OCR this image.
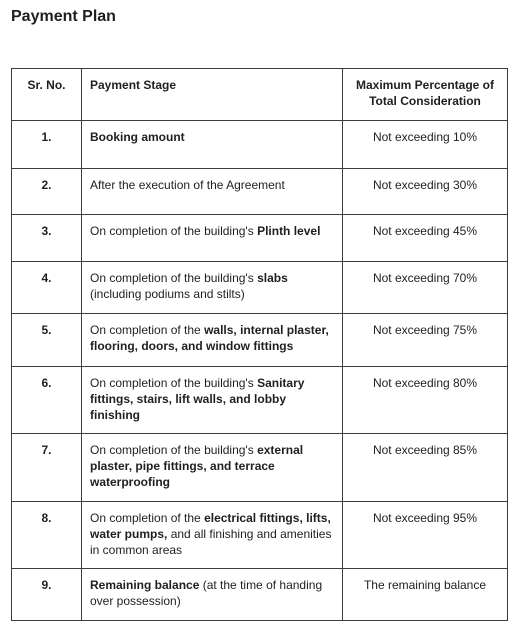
Payment Plan
Sr. No.	Payment Stage	Maximum Percentage of
Total Consideration
1.	Booking amount	Not exceeding 10%
2.	After the execution of the Agreement	Not exceeding 30%
3.	On completion of the building's Plinth level	Not exceeding 45%
4.	On completion of the building's slabs (including podiums and stilts)	Not exceeding 70%
5.	On completion of the walls, internal plaster, flooring, doors, and window fittings	Not exceeding 75%
6.	On completion of the building's Sanitary fittings, stairs, lift walls, and lobby finishing	Not exceeding 80%
7.	On completion of the building's external plaster, pipe fittings, and terrace waterproofing	Not exceeding 85%
8.	On completion of the electrical fittings, lifts, water pumps, and all finishing and amenities in common areas	Not exceeding 95%
9.	Remaining balance (at the time of handing over possession)	The remaining balance
